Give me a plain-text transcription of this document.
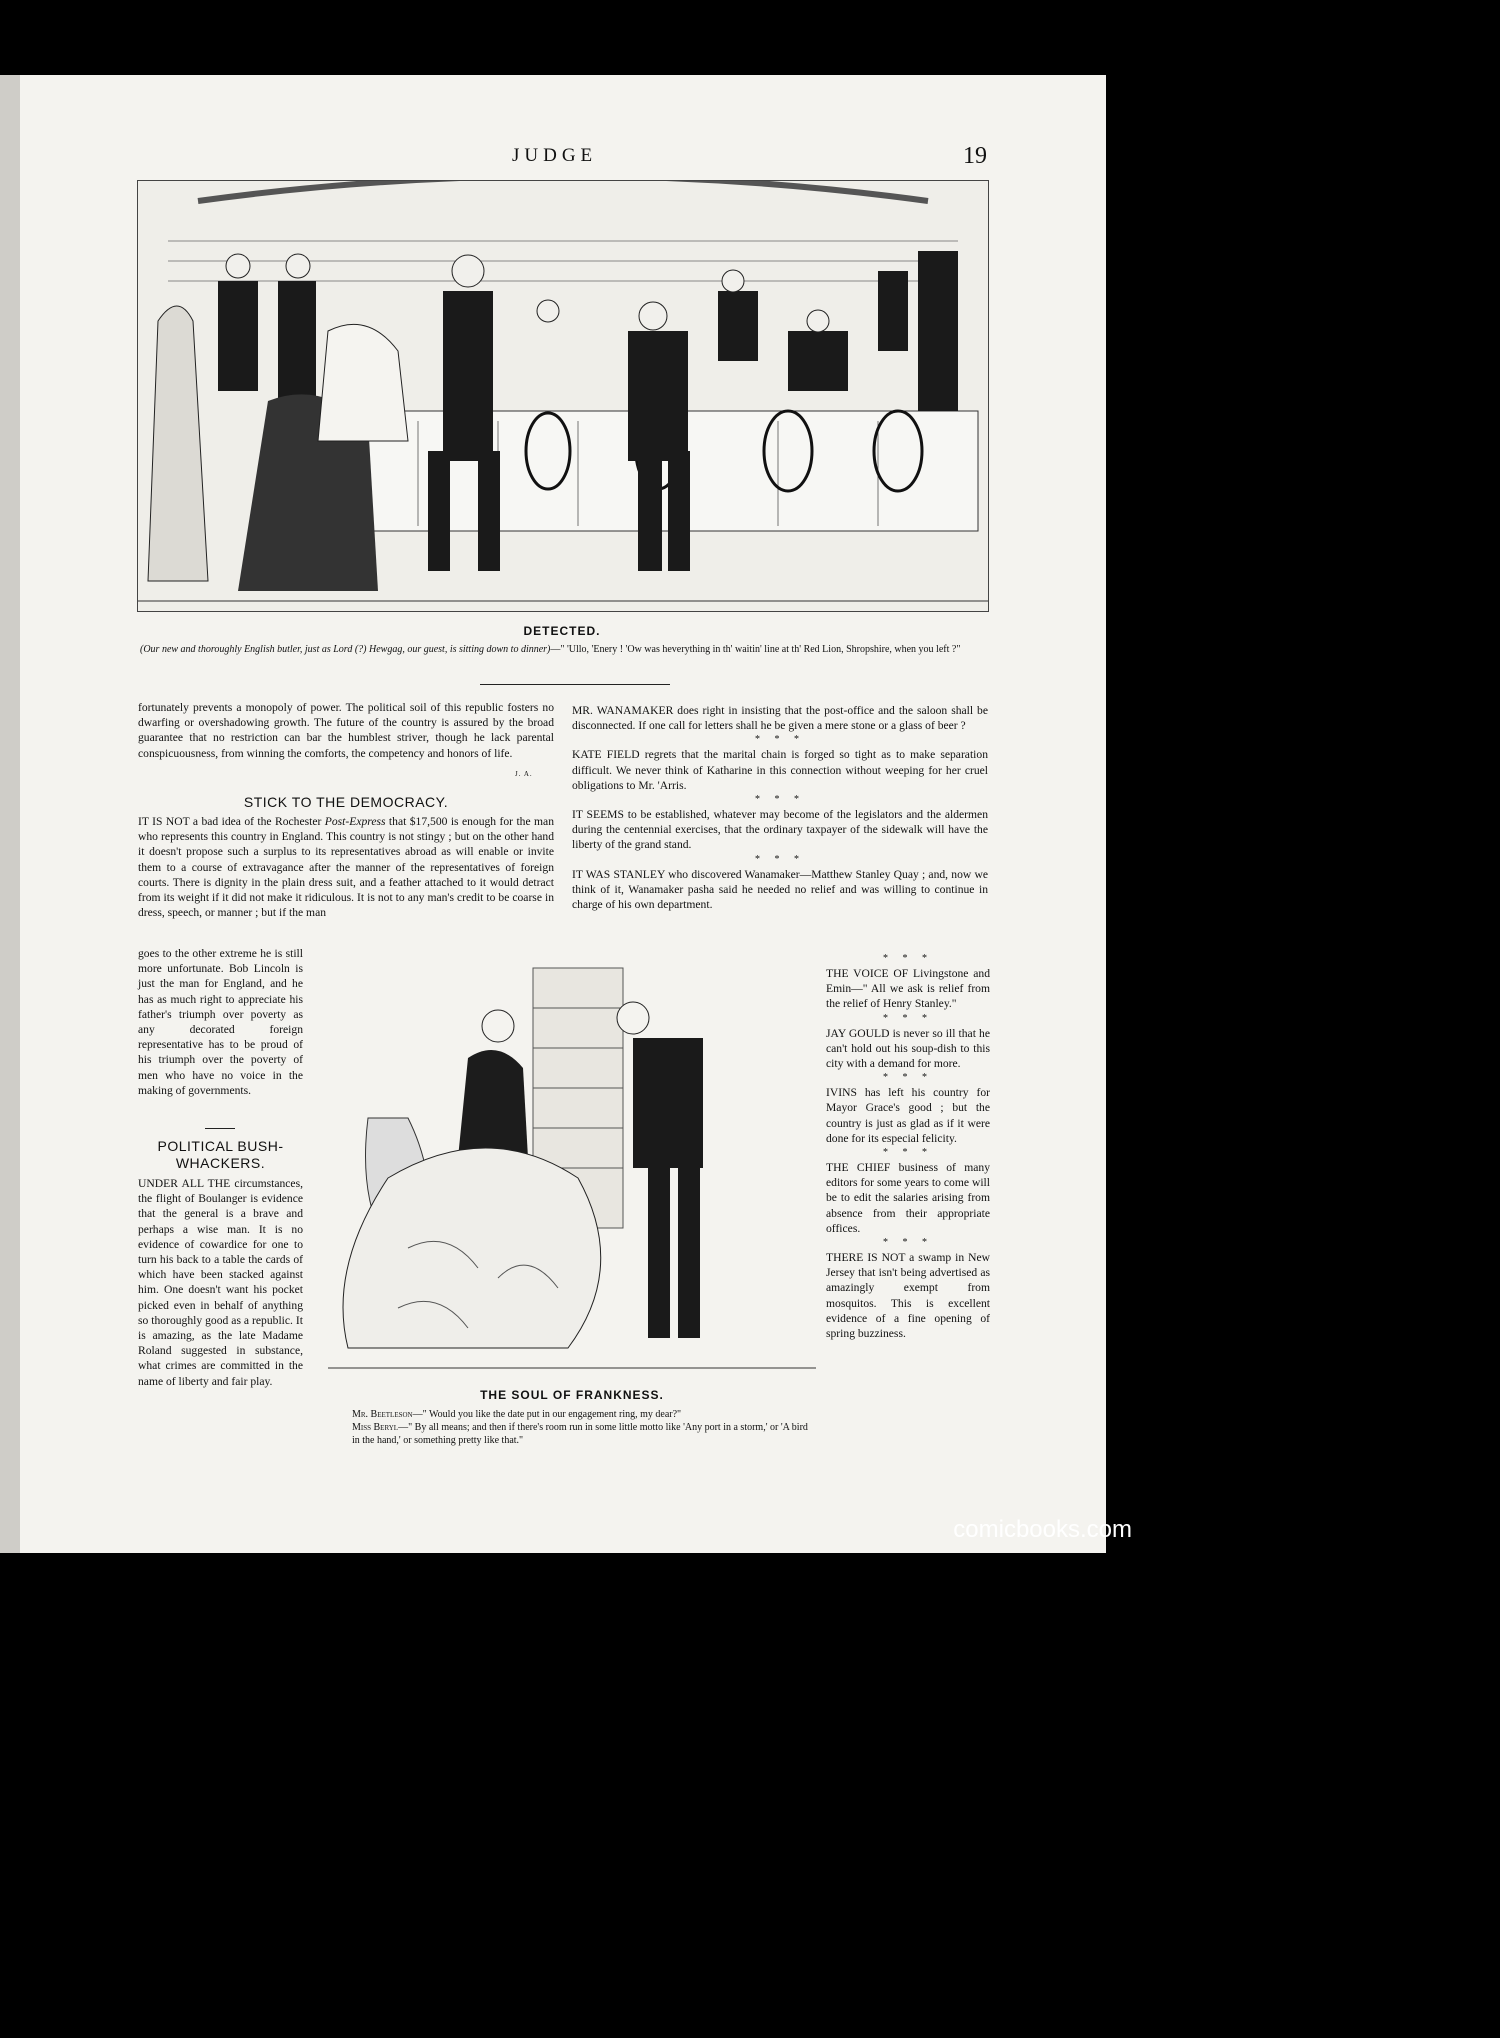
JUDGE	19
DETECTED.
(Our new and thoroughly English butler, just as Lord (?) Hewgag, our guest, is sitting down to dinner)—" 'Ullo, 'Enery ! 'Ow was heverything in th' waitin' line at th' Red Lion, Shropshire, when you left ?"

fortunately prevents a monopoly of power. The political soil of this republic fosters no dwarfing or overshadowing growth. The future of the country is assured by the broad guarantee that no restriction can bar the humblest striver, though he lack parental conspicuousness, from winning the comforts, the competency and honors of life.

J. A.
STICK TO THE DEMOCRACY.

IT IS NOT a bad idea of the Rochester Post-Express that $17,500 is enough for the man who represents this country in England. This country is not stingy ; but on the other hand it doesn't propose such a surplus to its representatives abroad as will enable or invite them to a course of extravagance after the manner of the representatives of foreign courts. There is dignity in the plain dress suit, and a feather attached to it would detract from its weight if it did not make it ridiculous. It is not to any man's credit to be coarse in dress, speech, or manner ; but if the man

goes to the other extreme he is still more unfortunate. Bob Lincoln is just the man for England, and he has as much right to appreciate his father's triumph over poverty as any decorated foreign representative has to be proud of his triumph over the poverty of men who have no voice in the making of governments.

POLITICAL BUSH-
WHACKERS.

UNDER ALL THE circumstances, the flight of Boulanger is evidence that the general is a brave and perhaps a wise man. It is no evidence of cowardice for one to turn his back to a table the cards of which have been stacked against him. One doesn't want his pocket picked even in behalf of anything so thoroughly good as a republic. It is amazing, as the late Madame Roland suggested in substance, what crimes are committed in the name of liberty and fair play.

MR. WANAMAKER does right in insisting that the post-office and the saloon shall be disconnected. If one call for letters shall he be given a mere stone or a glass of beer ?

* * *

KATE FIELD regrets that the marital chain is forged so tight as to make separation difficult. We never think of Katharine in this connection without weeping for her cruel obligations to Mr. 'Arris.

* * *

IT SEEMS to be established, whatever may become of the legislators and the aldermen during the centennial exercises, that the ordinary taxpayer of the sidewalk will have the liberty of the grand stand.

* * *

IT WAS STANLEY who discovered Wanamaker—Matthew Stanley Quay ; and, now we think of it, Wanamaker pasha said he needed no relief and was willing to continue in charge of his own department.

* * *

THE VOICE OF Livingstone and Emin—" All we ask is relief from the relief of Henry Stanley."

* * *

JAY GOULD is never so ill that he can't hold out his soup-dish to this city with a demand for more.

* * *

IVINS has left his country for Mayor Grace's good ; but the country is just as glad as if it were done for its especial felicity.

* * *

THE CHIEF business of many editors for some years to come will be to edit the salaries arising from absence from their appropriate offices.

* * *

THERE IS NOT a swamp in New Jersey that isn't being advertised as amazingly exempt from mosquitos. This is excellent evidence of a fine opening of spring buzziness.

THE SOUL OF FRANKNESS.
Mr. Beetleson—" Would you like the date put in our engagement ring, my dear?"
Miss Beryl—" By all means; and then if there's room run in some little motto like 'Any port in a storm,' or 'A bird in the hand,' or something pretty like that."
comicbooks.com
